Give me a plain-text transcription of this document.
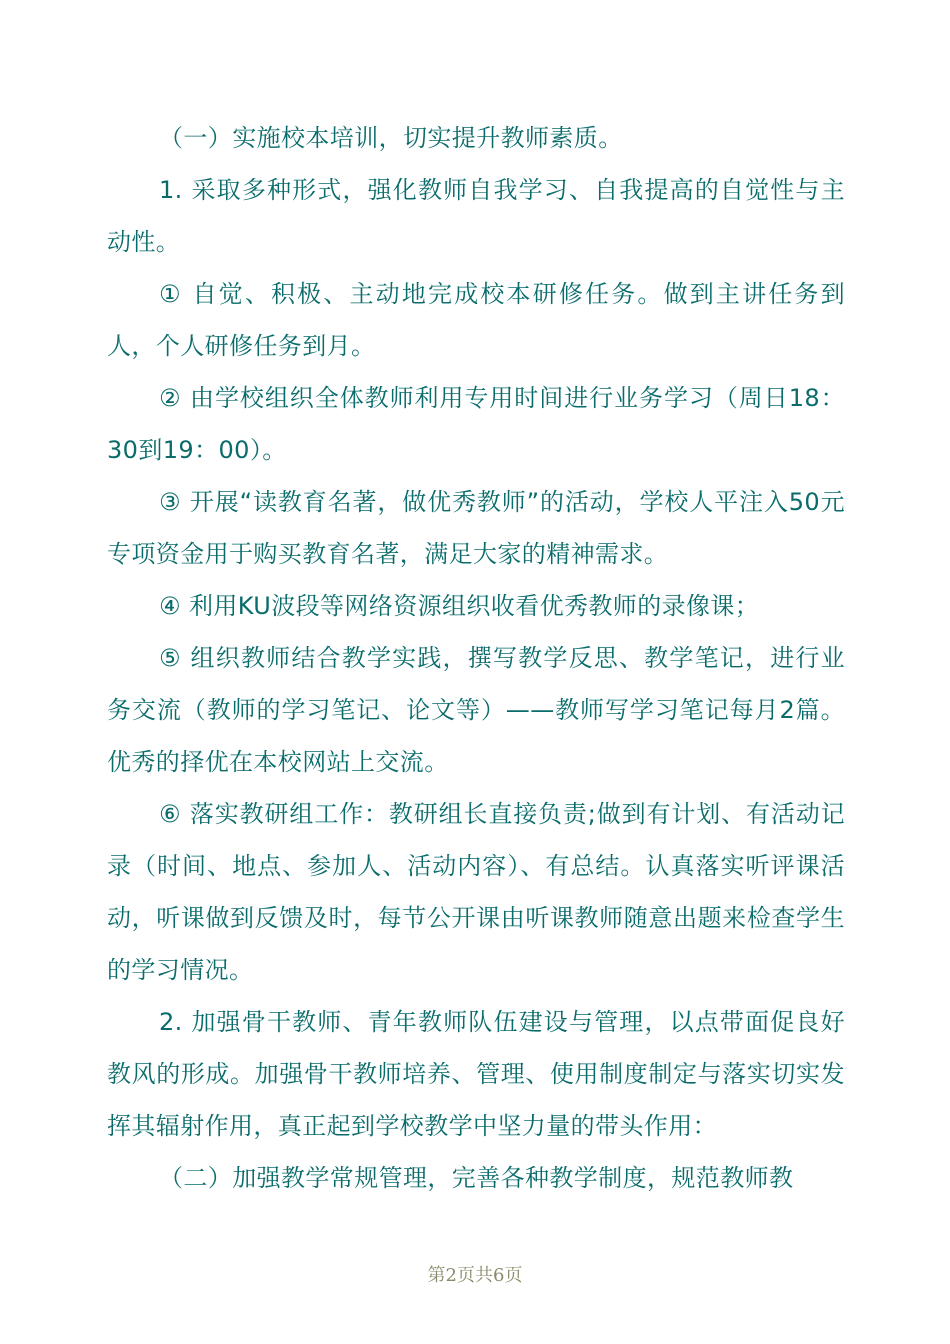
（一）实施校本培训，切实提升教师素质。

1. 采取多种形式，强化教师自我学习、自我提高的自觉性与主动性。

① 自觉、积极、主动地完成校本研修任务。做到主讲任务到人，个人研修任务到月。

② 由学校组织全体教师利用专用时间进行业务学习（周日18：30到19：00）。

③ 开展“读教育名著，做优秀教师”的活动，学校人平注入50元专项资金用于购买教育名著，满足大家的精神需求。

④ 利用KU波段等网络资源组织收看优秀教师的录像课；

⑤ 组织教师结合教学实践，撰写教学反思、教学笔记，进行业务交流（教师的学习笔记、论文等）——教师写学习笔记每月2篇。优秀的择优在本校网站上交流。

⑥ 落实教研组工作：教研组长直接负责;做到有计划、有活动记录（时间、地点、参加人、活动内容）、有总结。认真落实听评课活动，听课做到反馈及时，每节公开课由听课教师随意出题来检查学生的学习情况。

2. 加强骨干教师、青年教师队伍建设与管理，以点带面促良好教风的形成。加强骨干教师培养、管理、使用制度制定与落实切实发挥其辐射作用，真正起到学校教学中坚力量的带头作用：

（二）加强教学常规管理，完善各种教学制度，规范教师教

第2页共6页
